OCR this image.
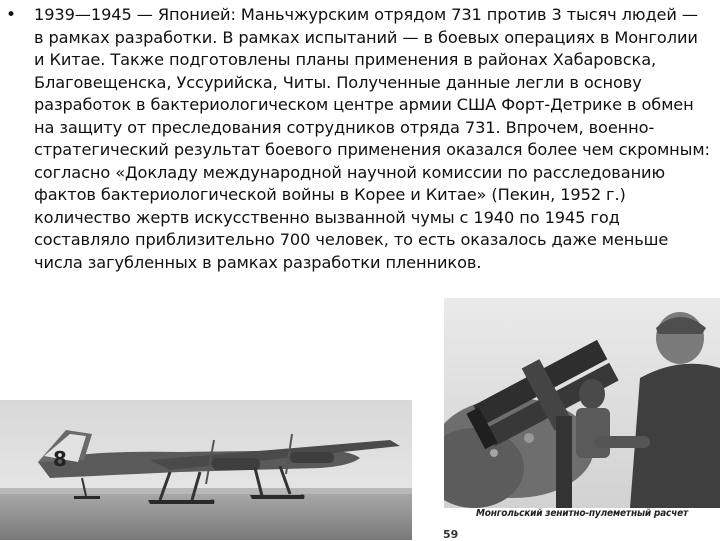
• 1939—1945 — Японией: Маньчжурским отрядом 731 против 3 тысяч людей — в рамках разработки. В рамках испытаний — в боевых операциях в Монголии и Китае. Также подготовлены планы применения в районах Хабаровска, Благовещенска, Уссурийска, Читы. Полученные данные легли в основу разработок в бактериологическом центре армии США Форт-Детрике в обмен на защиту от преследования сотрудников отряда 731. Впрочем, военно-стратегический результат боевого применения оказался более чем скромным: согласно «Докладу международной научной комиссии по расследованию фактов бактериологической войны в Корее и Китае» (Пекин, 1952 г.) количество жертв искусственно вызванной чумы с 1940 по 1945 год составляло приблизительно 700 человек, то есть оказалось даже меньше числа загубленных в рамках разработки пленников.
8
Монгольский зенитно-пулеметный расчет
59
